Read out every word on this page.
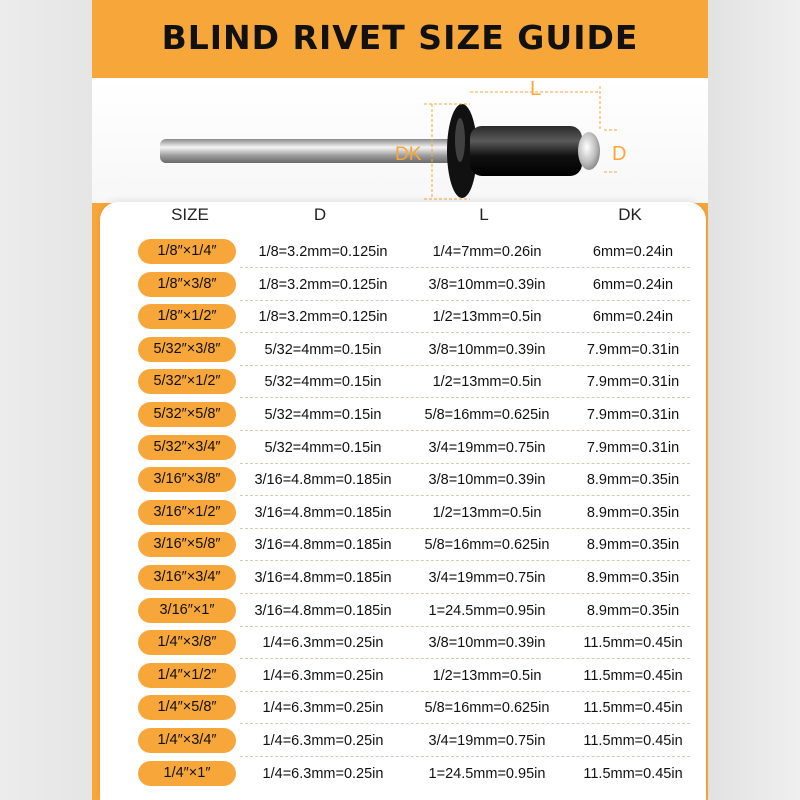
BLIND RIVET SIZE GUIDE
L
D
DK
SIZE	D	L	DK
1/8″×1/4″	1/8=3.2mm=0.125in	1/4=7mm=0.26in	6mm=0.24in
1/8″×3/8″	1/8=3.2mm=0.125in	3/8=10mm=0.39in	6mm=0.24in
1/8″×1/2″	1/8=3.2mm=0.125in	1/2=13mm=0.5in	6mm=0.24in
5/32″×3/8″	5/32=4mm=0.15in	3/8=10mm=0.39in	7.9mm=0.31in
5/32″×1/2″	5/32=4mm=0.15in	1/2=13mm=0.5in	7.9mm=0.31in
5/32″×5/8″	5/32=4mm=0.15in	5/8=16mm=0.625in	7.9mm=0.31in
5/32″×3/4″	5/32=4mm=0.15in	3/4=19mm=0.75in	7.9mm=0.31in
3/16″×3/8″	3/16=4.8mm=0.185in	3/8=10mm=0.39in	8.9mm=0.35in
3/16″×1/2″	3/16=4.8mm=0.185in	1/2=13mm=0.5in	8.9mm=0.35in
3/16″×5/8″	3/16=4.8mm=0.185in	5/8=16mm=0.625in	8.9mm=0.35in
3/16″×3/4″	3/16=4.8mm=0.185in	3/4=19mm=0.75in	8.9mm=0.35in
3/16″×1″	3/16=4.8mm=0.185in	1=24.5mm=0.95in	8.9mm=0.35in
1/4″×3/8″	1/4=6.3mm=0.25in	3/8=10mm=0.39in	11.5mm=0.45in
1/4″×1/2″	1/4=6.3mm=0.25in	1/2=13mm=0.5in	11.5mm=0.45in
1/4″×5/8″	1/4=6.3mm=0.25in	5/8=16mm=0.625in	11.5mm=0.45in
1/4″×3/4″	1/4=6.3mm=0.25in	3/4=19mm=0.75in	11.5mm=0.45in
1/4″×1″	1/4=6.3mm=0.25in	1=24.5mm=0.95in	11.5mm=0.45in
